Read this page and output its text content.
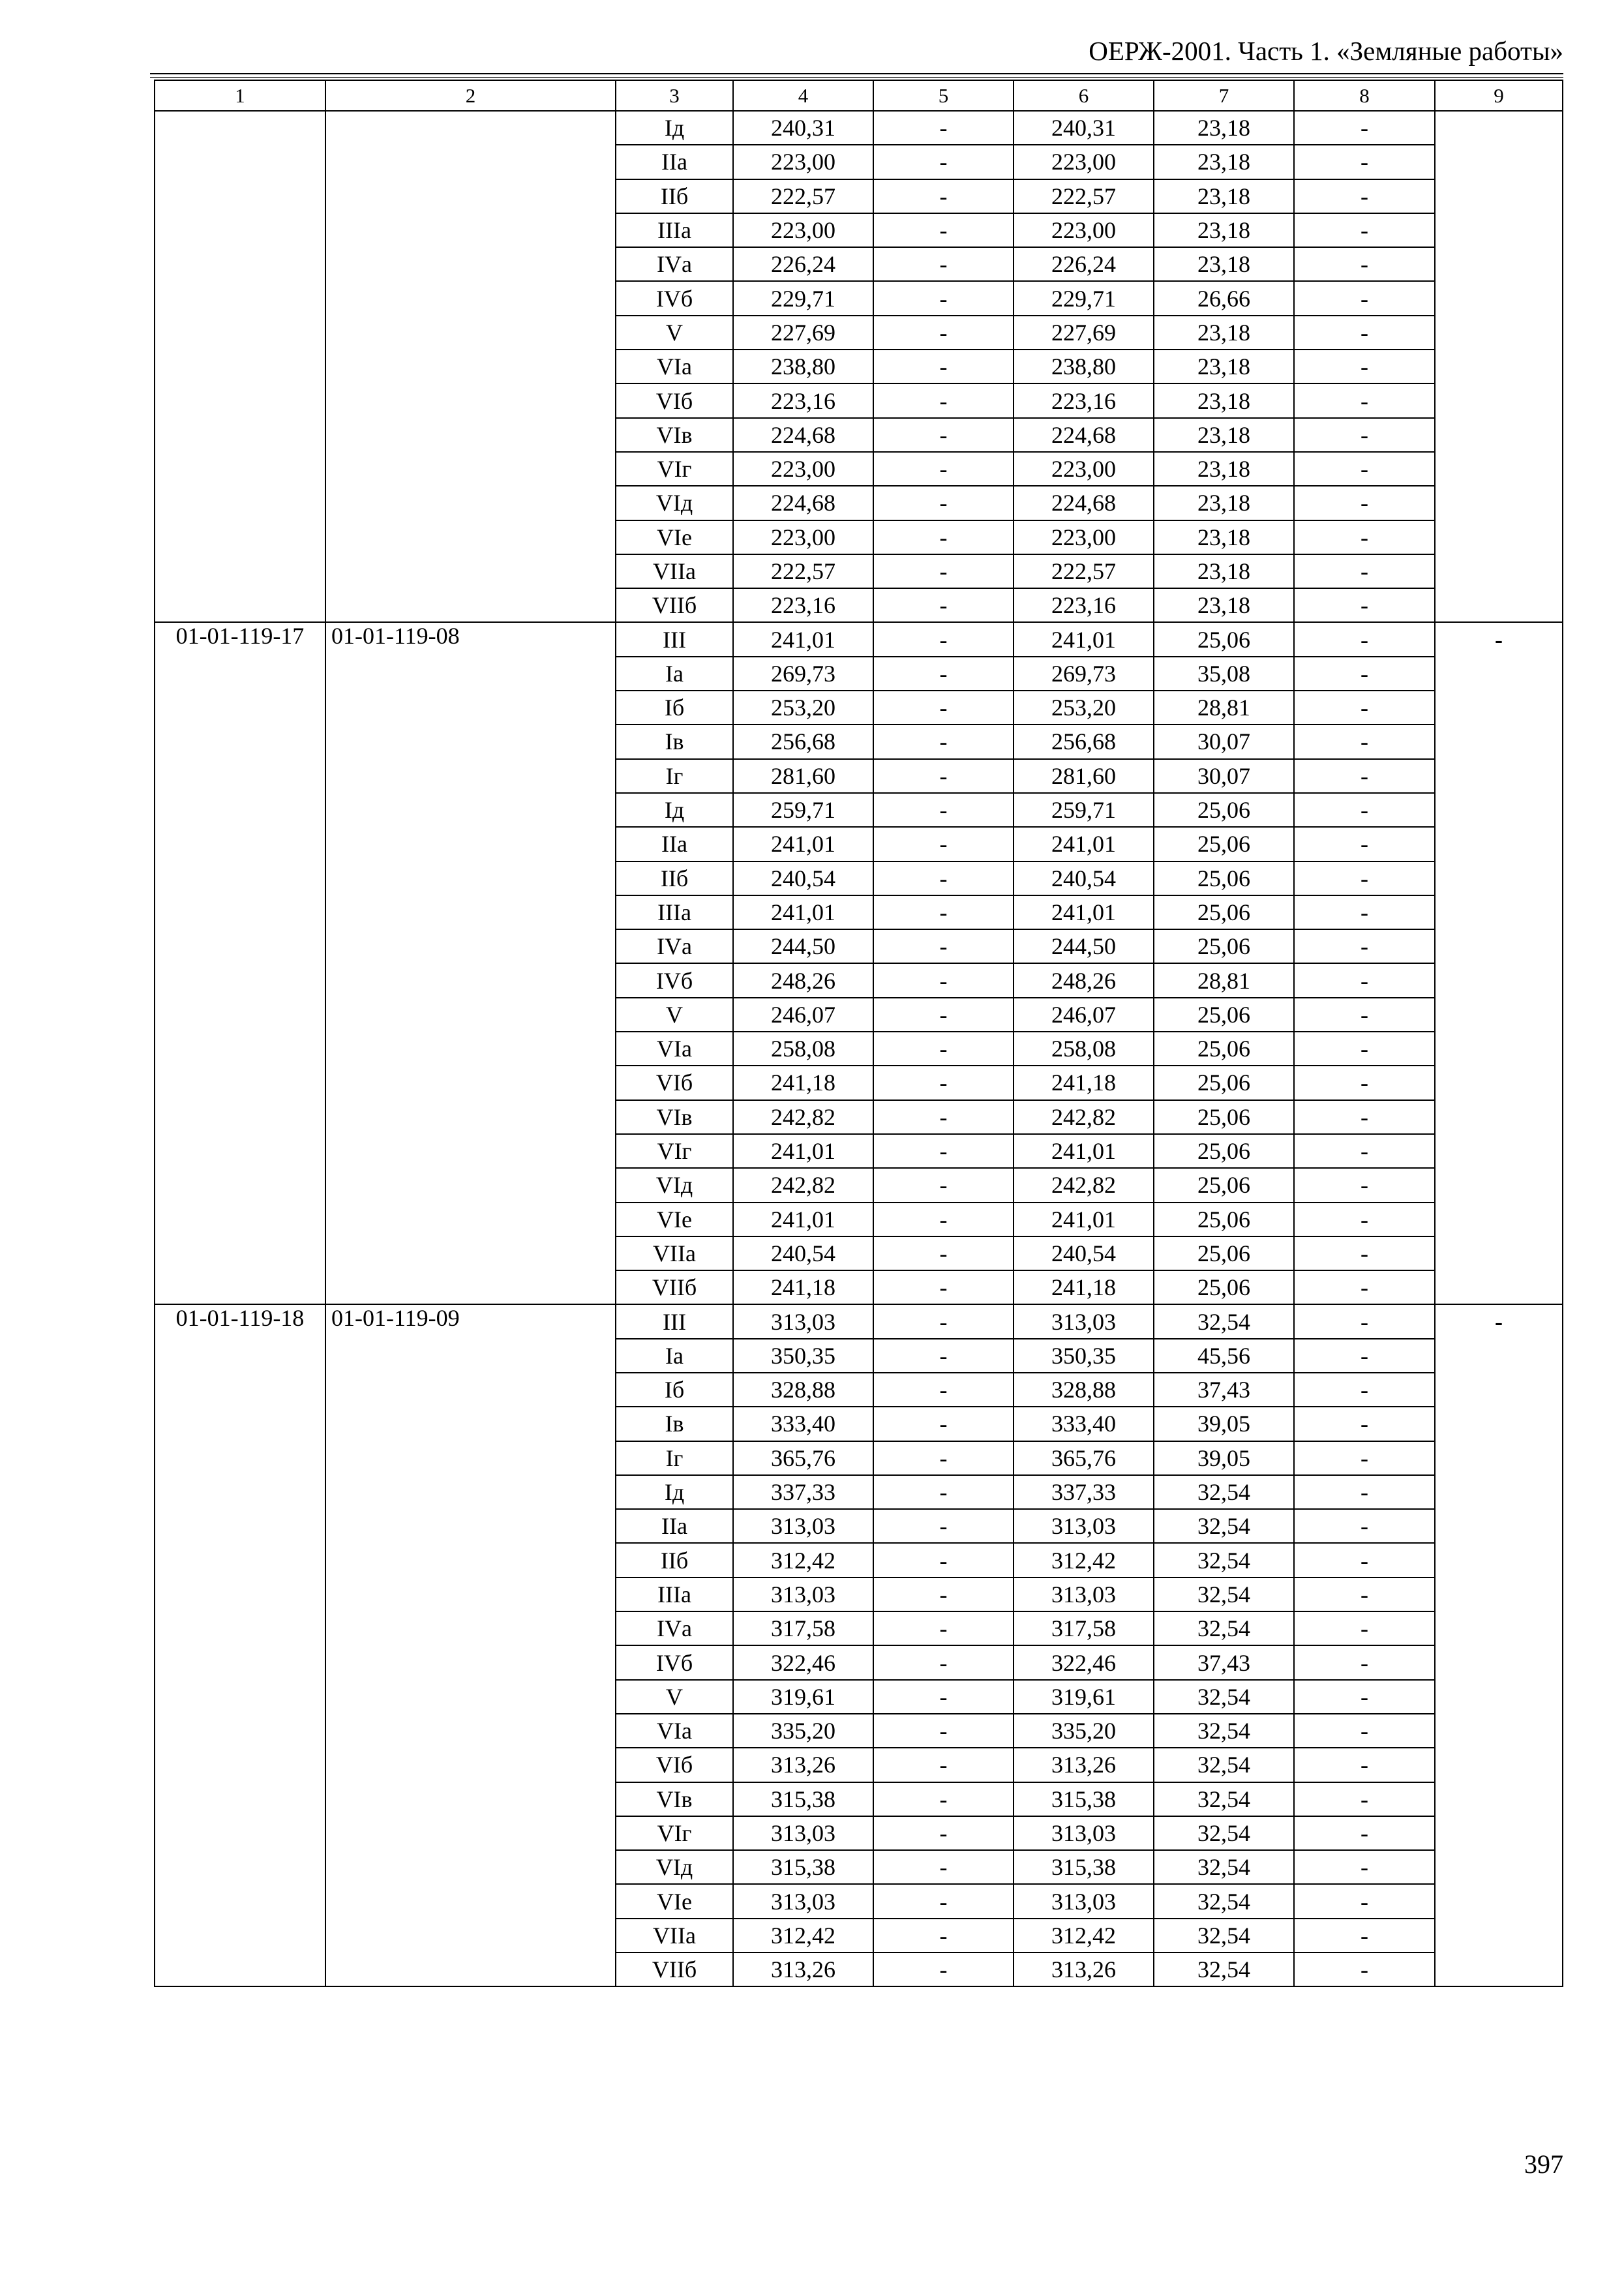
ОЕРЖ-2001. Часть 1. «Земляные работы»
1	2	3	4	5	6	7	8	9
		Iд	240,31	-	240,31	23,18	-	
		IIа	223,00	-	223,00	23,18	-	
		IIб	222,57	-	222,57	23,18	-	
		IIIа	223,00	-	223,00	23,18	-	
		IVа	226,24	-	226,24	23,18	-	
		IVб	229,71	-	229,71	26,66	-	
		V	227,69	-	227,69	23,18	-	
		VIа	238,80	-	238,80	23,18	-	
		VIб	223,16	-	223,16	23,18	-	
		VIв	224,68	-	224,68	23,18	-	
		VIг	223,00	-	223,00	23,18	-	
		VIд	224,68	-	224,68	23,18	-	
		VIе	223,00	-	223,00	23,18	-	
		VIIа	222,57	-	222,57	23,18	-	
		VIIб	223,16	-	223,16	23,18	-	
01-01-119-17	01-01-119-08	III	241,01	-	241,01	25,06	-	-
		Iа	269,73	-	269,73	35,08	-	
		Iб	253,20	-	253,20	28,81	-	
		Iв	256,68	-	256,68	30,07	-	
		Iг	281,60	-	281,60	30,07	-	
		Iд	259,71	-	259,71	25,06	-	
		IIа	241,01	-	241,01	25,06	-	
		IIб	240,54	-	240,54	25,06	-	
		IIIа	241,01	-	241,01	25,06	-	
		IVа	244,50	-	244,50	25,06	-	
		IVб	248,26	-	248,26	28,81	-	
		V	246,07	-	246,07	25,06	-	
		VIа	258,08	-	258,08	25,06	-	
		VIб	241,18	-	241,18	25,06	-	
		VIв	242,82	-	242,82	25,06	-	
		VIг	241,01	-	241,01	25,06	-	
		VIд	242,82	-	242,82	25,06	-	
		VIе	241,01	-	241,01	25,06	-	
		VIIа	240,54	-	240,54	25,06	-	
		VIIб	241,18	-	241,18	25,06	-	
01-01-119-18	01-01-119-09	III	313,03	-	313,03	32,54	-	-
		Iа	350,35	-	350,35	45,56	-	
		Iб	328,88	-	328,88	37,43	-	
		Iв	333,40	-	333,40	39,05	-	
		Iг	365,76	-	365,76	39,05	-	
		Iд	337,33	-	337,33	32,54	-	
		IIа	313,03	-	313,03	32,54	-	
		IIб	312,42	-	312,42	32,54	-	
		IIIа	313,03	-	313,03	32,54	-	
		IVа	317,58	-	317,58	32,54	-	
		IVб	322,46	-	322,46	37,43	-	
		V	319,61	-	319,61	32,54	-	
		VIа	335,20	-	335,20	32,54	-	
		VIб	313,26	-	313,26	32,54	-	
		VIв	315,38	-	315,38	32,54	-	
		VIг	313,03	-	313,03	32,54	-	
		VIд	315,38	-	315,38	32,54	-	
		VIе	313,03	-	313,03	32,54	-	
		VIIа	312,42	-	312,42	32,54	-	
		VIIб	313,26	-	313,26	32,54	-	
397
